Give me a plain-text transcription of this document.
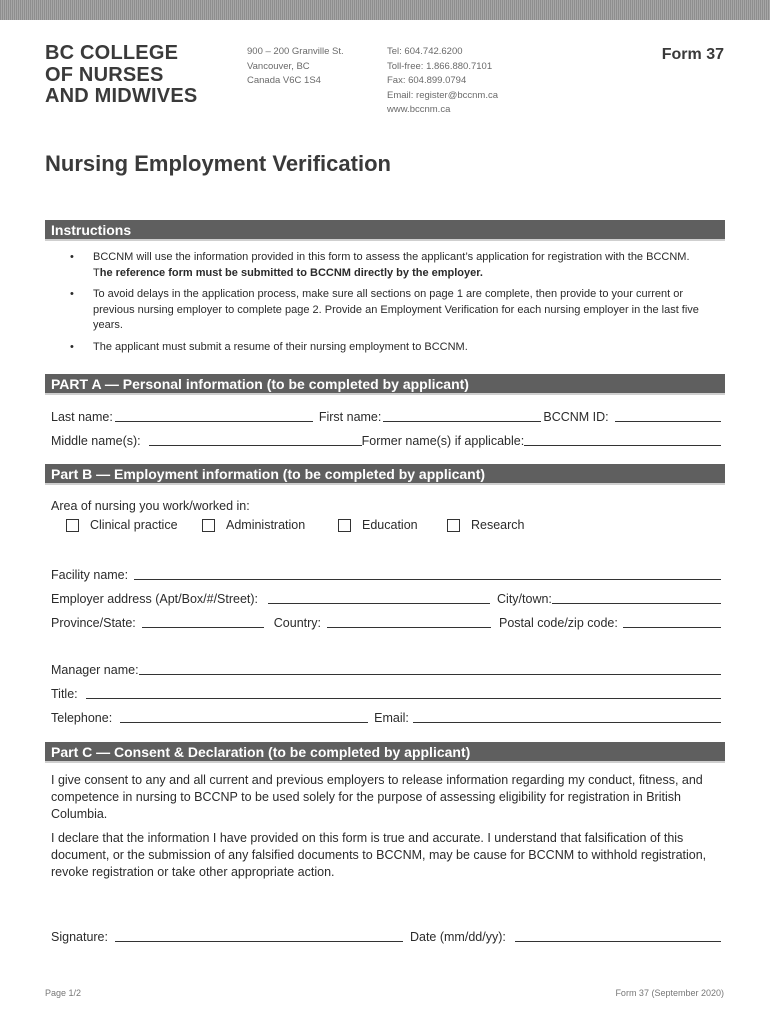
BC COLLEGE
OF NURSES
AND MIDWIVES
900 – 200 Granville St.
Vancouver, BC
Canada V6C 1S4
Tel: 604.742.6200
Toll-free: 1.866.880.7101
Fax: 604.899.0794
Email: register@bccnm.ca
www.bccnm.ca
Form 37
Nursing Employment Verification
Instructions
• BCCNM will use the information provided in this form to assess the applicant’s application for registration with the BCCNM.
The reference form must be submitted to BCCNM directly by the employer.
• To avoid delays in the application process, make sure all sections on page 1 are complete, then provide to your current or previous nursing employer to complete page 2. Provide an Employment Verification for each nursing employer in the last five years.
• The applicant must submit a resume of their nursing employment to BCCNM.
PART A — Personal information (to be completed by applicant)
Last name:	First name:	BCCNM ID:
Middle name(s):	Former name(s) if applicable:
Part B — Employment information (to be completed by applicant)
Area of nursing you work/worked in:
Clinical practice	Administration	Education	Research
Facility name:
Employer address (Apt/Box/#/Street):	City/town:
Province/State:	Country:	Postal code/zip code:
Manager name:
Title:
Telephone:	Email:
Part C — Consent & Declaration (to be completed by applicant)
I give consent to any and all current and previous employers to release information regarding my conduct, fitness, and competence in nursing to BCCNP to be used solely for the purpose of assessing eligibility for registration in British Columbia.
I declare that the information I have provided on this form is true and accurate. I understand that falsification of this document, or the submission of any falsified documents to BCCNM, may be cause for BCCNM to withhold registration, revoke registration or take other appropriate action.
Signature:	Date (mm/dd/yy):
Page 1/2	Form 37 (September 2020)
